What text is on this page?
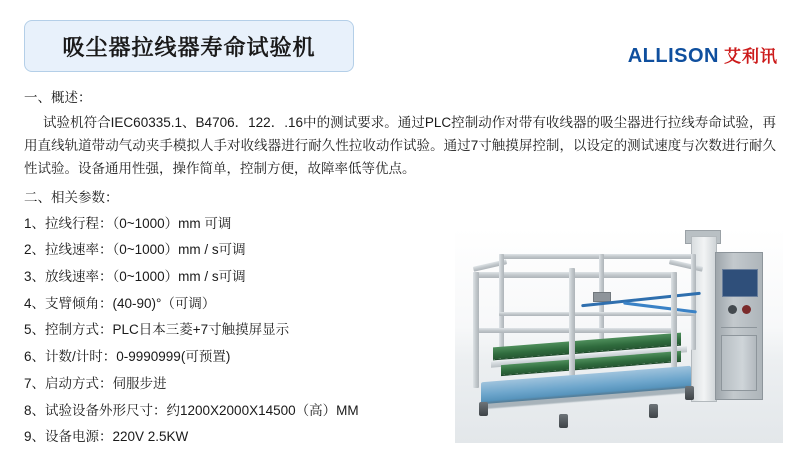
吸尘器拉线器寿命试验机	ALLISON 艾利讯

一、概述：

试验机符合IEC60335.1、B4706．122．.16中的测试要求。通过PLC控制动作对带有收线器的吸尘器进行拉线寿命试验，再用直线轨道带动气动夹手模拟人手对收线器进行耐久性拉收动作试验。通过7寸触摸屏控制，以设定的测试速度与次数进行耐久性试验。设备通用性强，操作简单，控制方便，故障率低等优点。

二、相关参数：

1、拉线行程：（0~1000）mm 可调
2、拉线速率：（0~1000）mm / s可调
3、放线速率：（0~1000）mm / s可调
4、支臂倾角：(40-90)°（可调）
5、控制方式：PLC日本三菱+7寸触摸屏显示
6、计数/计时：0-9990999(可预置)
7、启动方式：伺服步进
8、试验设备外形尺寸：约1200X2000X14500（高）MM
9、设备电源：220V 2.5KW
